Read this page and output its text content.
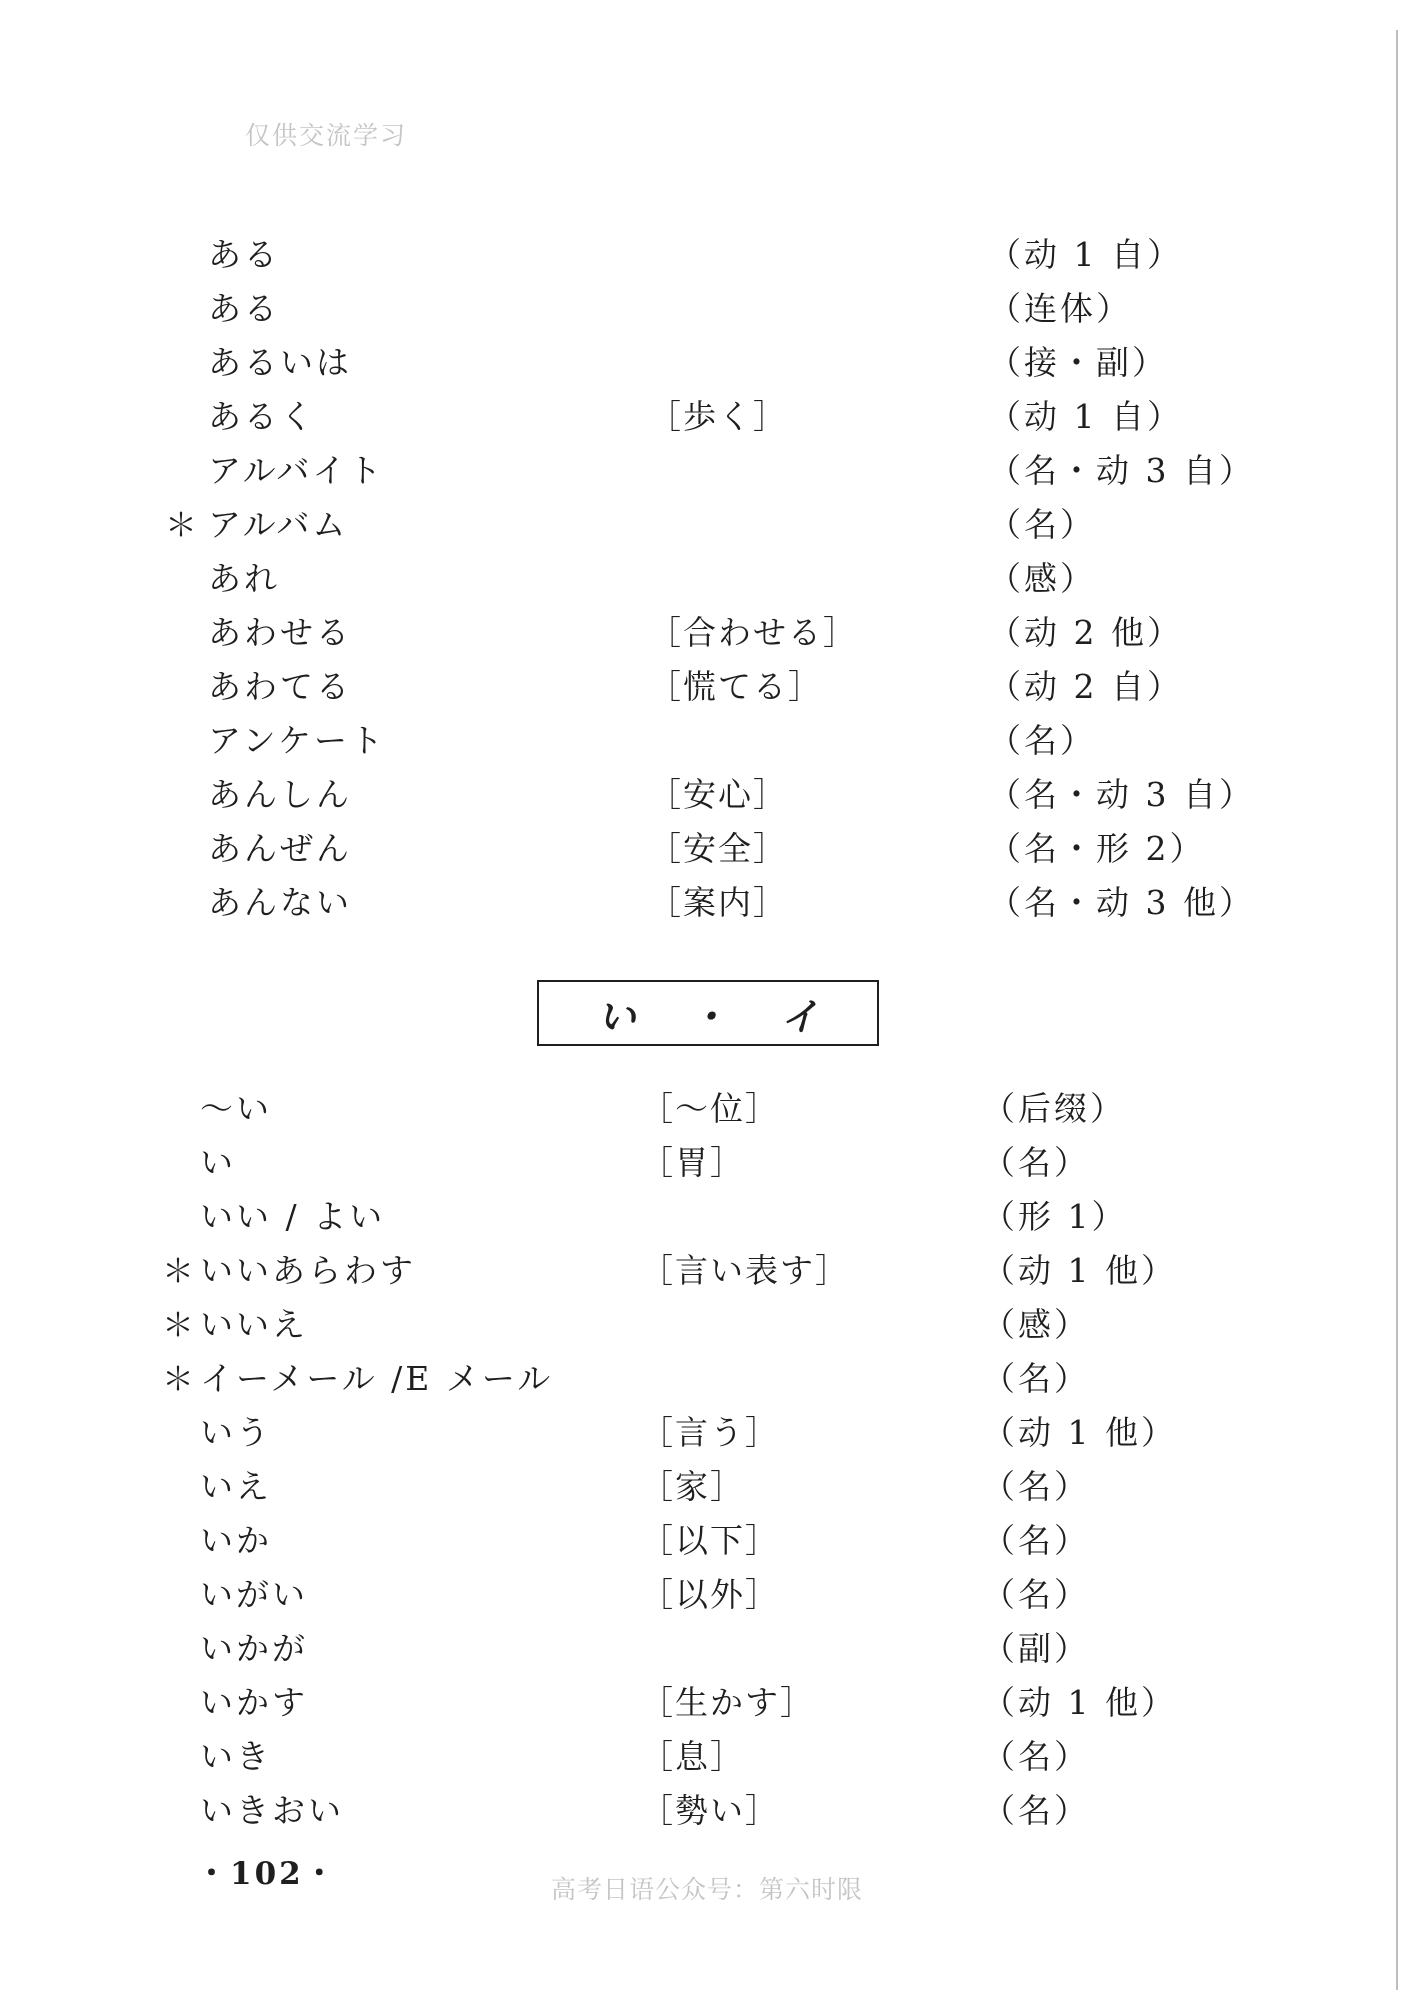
仅供交流学习
ある	（动 1 自）
ある	（连体）
あるいは	（接・副）
あるく	［歩く］	（动 1 自）
アルバイト	（名・动 3 自）
＊ アルバム	（名）
あれ	（感）
あわせる	［合わせる］	（动 2 他）
あわてる	［慌てる］	（动 2 自）
アンケート	（名）
あんしん	［安心］	（名・动 3 自）
あんぜん	［安全］	（名・形 2）
あんない	［案内］	（名・动 3 他）
い ・ イ
～い	［～位］	（后缀）
い	［胃］	（名）
いい / よい	（形 1）
＊ いいあらわす	［言い表す］	（动 1 他）
＊ いいえ	（感）
＊ イーメール /E メール	（名）
いう	［言う］	（动 1 他）
いえ	［家］	（名）
いか	［以下］	（名）
いがい	［以外］	（名）
いかが	（副）
いかす	［生かす］	（动 1 他）
いき	［息］	（名）
いきおい	［勢い］	（名）
・102・	高考日语公众号：第六时限
